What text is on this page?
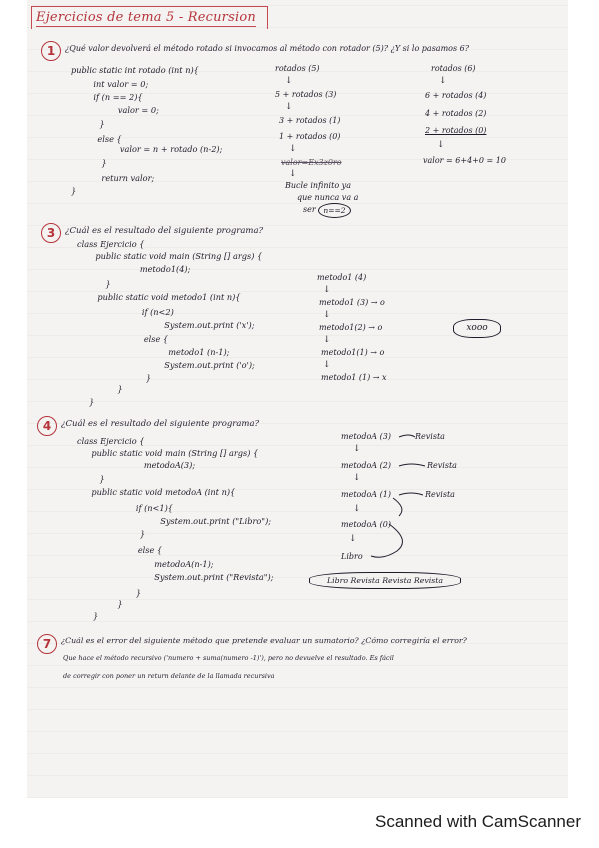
Ejercicios de tema 5 - Recursion
1	¿Qué valor devolverá el método rotado si invocamos al método con rotador (5)? ¿Y si lo pasamos 6?
public static int rotado (int n){
int valor = 0;
if (n == 2){
valor = 0;
}
else {
valor = n + rotado (n-2);
}
return valor;
}
rotados (5)
↓
5 + rotados (3)
↓
3 + rotados (1)
1 + rotados (0)
↓
valor=Ex3z0ro
↓
Bucle infinito ya
que nunca va a
ser	n==2
rotados (6)
↓
6 + rotados (4)
4 + rotados (2)
2 + rotados (0)
↓
valor = 6+4+0 = 10
3	¿Cuál es el resultado del siguiente programa?
class Ejercicio {
public static void main (String [] args) {
metodo1(4);
}
public static void metodo1 (int n){
if (n<2)
System.out.print ('x');
else {
metodo1 (n-1);
System.out.print ('o');
}
}
}
metodo1 (4)
↓
metodo1 (3) → o
↓
metodo1(2) → o
↓
metodo1(1) → o
↓
metodo1 (1) → x
xooo
4	¿Cuál es el resultado del siguiente programa?
class Ejercicio {
public static void main (String [] args) {
metodoA(3);
}
public static void metodoA (int n){
if (n<1){
System.out.print ("Libro");
}
else {
metodoA(n-1);
System.out.print ("Revista");
}
}
}
metodoA (3)	Revista
↓
metodoA (2)	Revista
↓
metodoA (1)	Revista
↓
metodoA (0)
↓
Libro
Libro Revista Revista Revista
7	¿Cuál es el error del siguiente método que pretende evaluar un sumatorio? ¿Cómo corregiría el error?
Que hace el método recursivo ('numero + suma(numero -1)'), pero no devuelve el resultado. Es fácil
de corregir con poner un return delante de la llamada recursiva
Scanned with CamScanner
